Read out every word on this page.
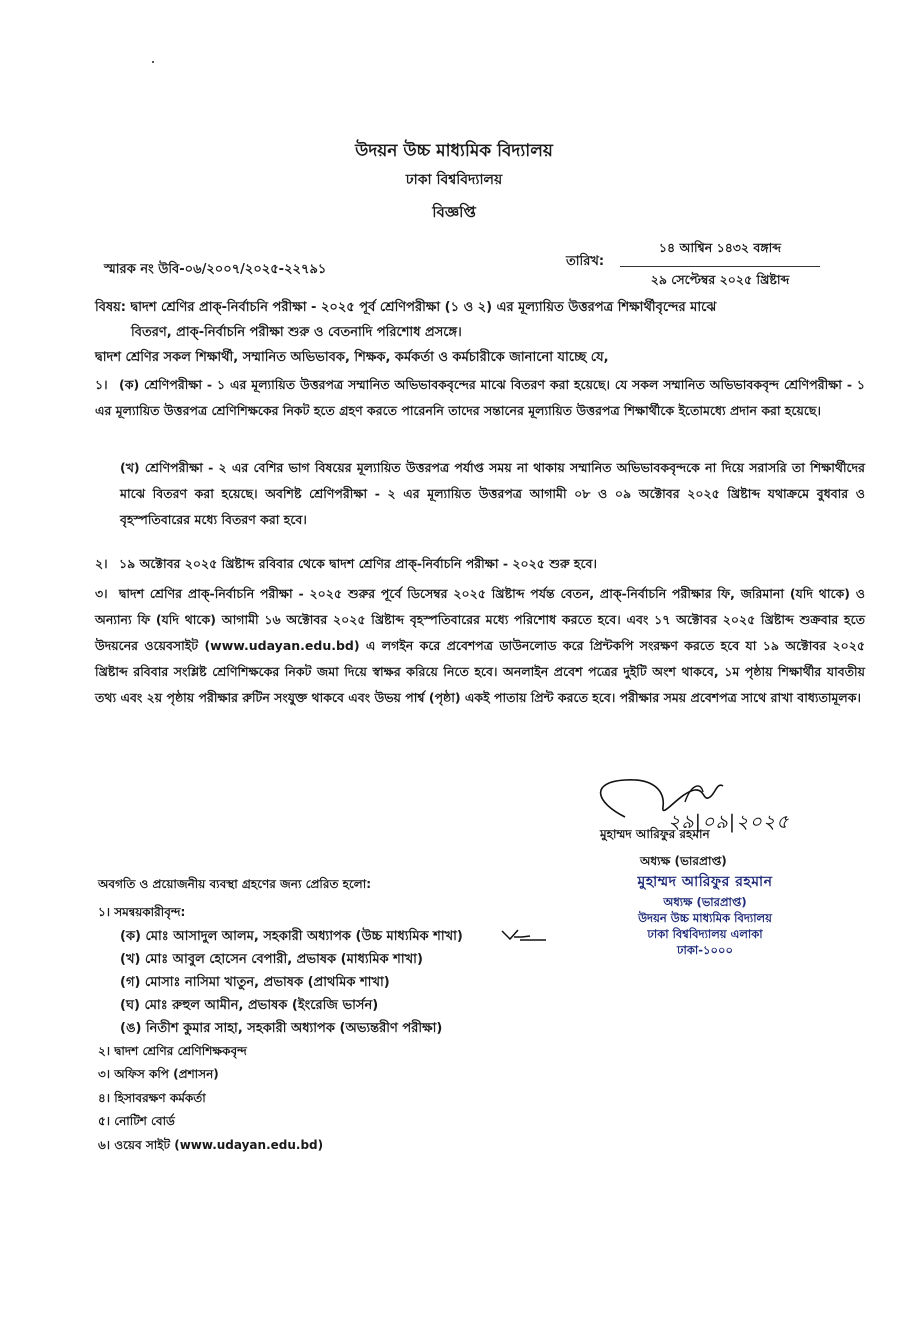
উদয়ন উচ্চ মাধ্যমিক বিদ্যালয়
ঢাকা বিশ্ববিদ্যালয়
বিজ্ঞপ্তি
স্মারক নং উবি-০৬/২০০৭/২০২৫-২২৭৯১
তারিখ:
১৪ আশ্বিন ১৪৩২ বঙ্গাব্দ
২৯ সেপ্টেম্বর ২০২৫ খ্রিষ্টাব্দ
বিষয়: দ্বাদশ শ্রেণির প্রাক্-নির্বাচনি পরীক্ষা - ২০২৫ পূর্ব শ্রেণিপরীক্ষা (১ ও ২) এর মূল্যায়িত উত্তরপত্র শিক্ষার্থীবৃন্দের মাঝে
বিতরণ, প্রাক্-নির্বাচনি পরীক্ষা শুরু ও বেতনাদি পরিশোধ প্রসঙ্গে।
দ্বাদশ শ্রেণির সকল শিক্ষার্থী, সম্মানিত অভিভাবক, শিক্ষক, কর্মকর্তা ও কর্মচারীকে জানানো যাচ্ছে যে,
১। (ক) শ্রেণিপরীক্ষা - ১ এর মূল্যায়িত উত্তরপত্র সম্মানিত অভিভাবকবৃন্দের মাঝে বিতরণ করা হয়েছে। যে সকল সম্মানিত অভিভাবকবৃন্দ শ্রেণিপরীক্ষা - ১ এর মূল্যায়িত উত্তরপত্র শ্রেণিশিক্ষকের নিকট হতে গ্রহণ করতে পারেননি তাদের সন্তানের মূল্যায়িত উত্তরপত্র শিক্ষার্থীকে ইতোমধ্যে প্রদান করা হয়েছে।
(খ) শ্রেণিপরীক্ষা - ২ এর বেশির ভাগ বিষয়ের মূল্যায়িত উত্তরপত্র পর্যাপ্ত সময় না থাকায় সম্মানিত অভিভাবকবৃন্দকে না দিয়ে সরাসরি তা শিক্ষার্থীদের মাঝে বিতরণ করা হয়েছে। অবশিষ্ট শ্রেণিপরীক্ষা - ২ এর মূল্যায়িত উত্তরপত্র আগামী ০৮ ও ০৯ অক্টোবর ২০২৫ খ্রিষ্টাব্দ যথাক্রমে বুধবার ও বৃহস্পতিবারের মধ্যে বিতরণ করা হবে।
২। ১৯ অক্টোবর ২০২৫ খ্রিষ্টাব্দ রবিবার থেকে দ্বাদশ শ্রেণির প্রাক্-নির্বাচনি পরীক্ষা - ২০২৫ শুরু হবে।
৩। দ্বাদশ শ্রেণির প্রাক্-নির্বাচনি পরীক্ষা - ২০২৫ শুরুর পূর্বে ডিসেম্বর ২০২৫ খ্রিষ্টাব্দ পর্যন্ত বেতন, প্রাক্-নির্বাচনি পরীক্ষার ফি, জরিমানা (যদি থাকে) ও অন্যান্য ফি (যদি থাকে) আগামী ১৬ অক্টোবর ২০২৫ খ্রিষ্টাব্দ বৃহস্পতিবারের মধ্যে পরিশোধ করতে হবে। এবং ১৭ অক্টোবর ২০২৫ খ্রিষ্টাব্দ শুক্রবার হতে উদয়নের ওয়েবসাইট (www.udayan.edu.bd) এ লগইন করে প্রবেশপত্র ডাউনলোড করে প্রিন্টকপি সংরক্ষণ করতে হবে যা ১৯ অক্টোবর ২০২৫ খ্রিষ্টাব্দ রবিবার সংশ্লিষ্ট শ্রেণিশিক্ষকের নিকট জমা দিয়ে স্বাক্ষর করিয়ে নিতে হবে। অনলাইন প্রবেশ পত্রের দুইটি অংশ থাকবে, ১ম পৃষ্ঠায় শিক্ষার্থীর যাবতীয় তথ্য এবং ২য় পৃষ্ঠায় পরীক্ষার রুটিন সংযুক্ত থাকবে এবং উভয় পার্শ্ব (পৃষ্ঠা) একই পাতায় প্রিন্ট করতে হবে। পরীক্ষার সময় প্রবেশপত্র সাথে রাখা বাধ্যতামূলক।
২৯|০৯|২০২৫
মুহাম্মদ আরিফুর রহমান
অধ্যক্ষ (ভারপ্রাপ্ত)
মুহাম্মদ আরিফুর রহমান
অধ্যক্ষ (ভারপ্রাপ্ত)
উদয়ন উচ্চ মাধ্যমিক বিদ্যালয়
ঢাকা বিশ্ববিদ্যালয় এলাকা
ঢাকা-১০০০
অবগতি ও প্রয়োজনীয় ব্যবস্থা গ্রহণের জন্য প্রেরিত হলো:
১। সমন্বয়কারীবৃন্দ:
(ক) মোঃ আসাদুল আলম, সহকারী অধ্যাপক (উচ্চ মাধ্যমিক শাখা)
(খ) মোঃ আবুল হোসেন বেপারী, প্রভাষক (মাধ্যমিক শাখা)
(গ) মোসাঃ নাসিমা খাতুন, প্রভাষক (প্রাথমিক শাখা)
(ঘ) মোঃ রুহুল আমীন, প্রভাষক (ইংরেজি ভার্সন)
(ঙ) নিতীশ কুমার সাহা, সহকারী অধ্যাপক (অভ্যন্তরীণ পরীক্ষা)
২। দ্বাদশ শ্রেণির শ্রেণিশিক্ষকবৃন্দ
৩। অফিস কপি (প্রশাসন)
৪। হিসাবরক্ষণ কর্মকর্তা
৫। নোটিশ বোর্ড
৬। ওয়েব সাইট (www.udayan.edu.bd)
